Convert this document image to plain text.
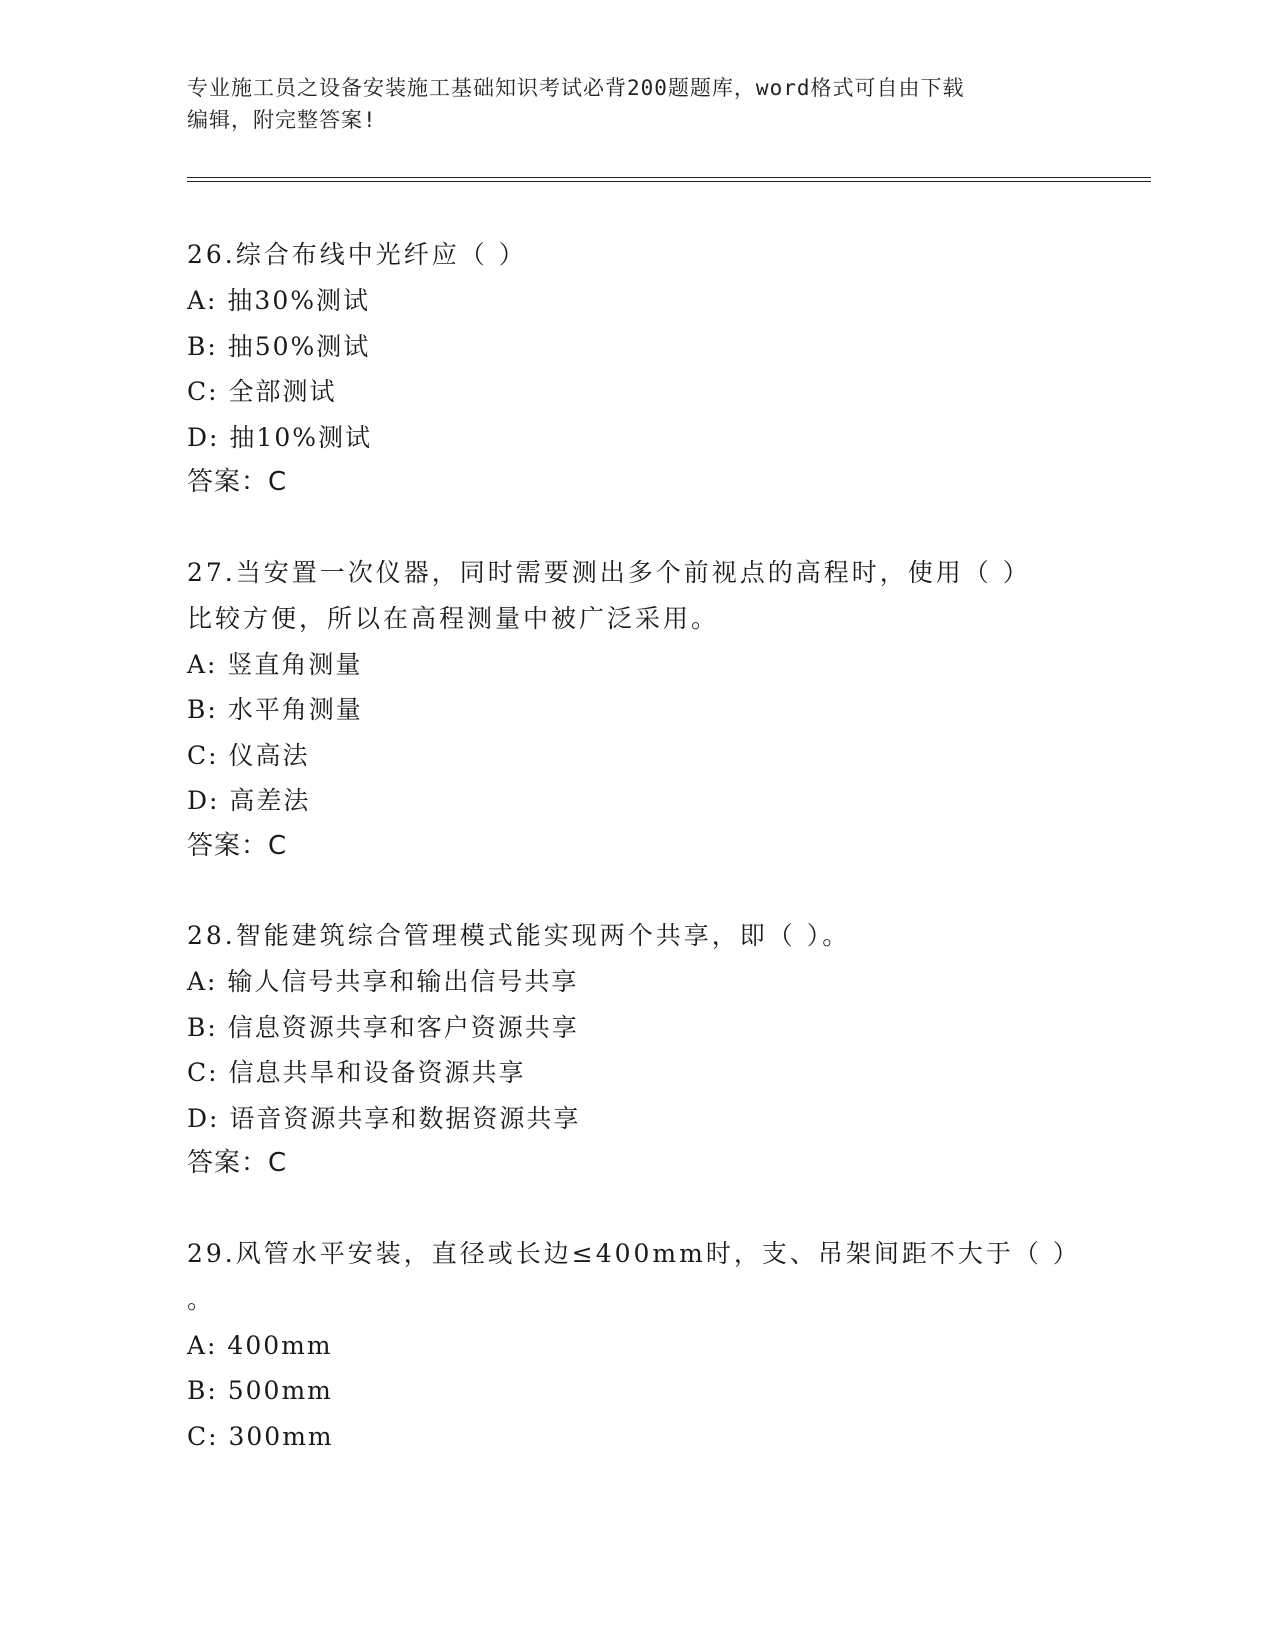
专业施工员之设备安装施工基础知识考试必背200题题库，word格式可自由下载

编辑，附完整答案!

26.综合布线中光纤应（ ）

A: 抽30%测试

B: 抽50%测试

C: 全部测试

D: 抽10%测试

答案：C

27.当安置一次仪器，同时需要测出多个前视点的高程时，使用（ ）

比较方便，所以在高程测量中被广泛采用。

A: 竖直角测量

B: 水平角测量

C: 仪高法

D: 高差法

答案：C

28.智能建筑综合管理模式能实现两个共享，即（ ）。

A: 输人信号共享和输出信号共享

B: 信息资源共享和客户资源共享

C: 信息共旱和设备资源共享

D: 语音资源共享和数据资源共享

答案：C

29.风管水平安装，直径或长边≤400mm时，支、吊架间距不大于（ ）

。

A: 400mm

B: 500mm

C: 300mm
